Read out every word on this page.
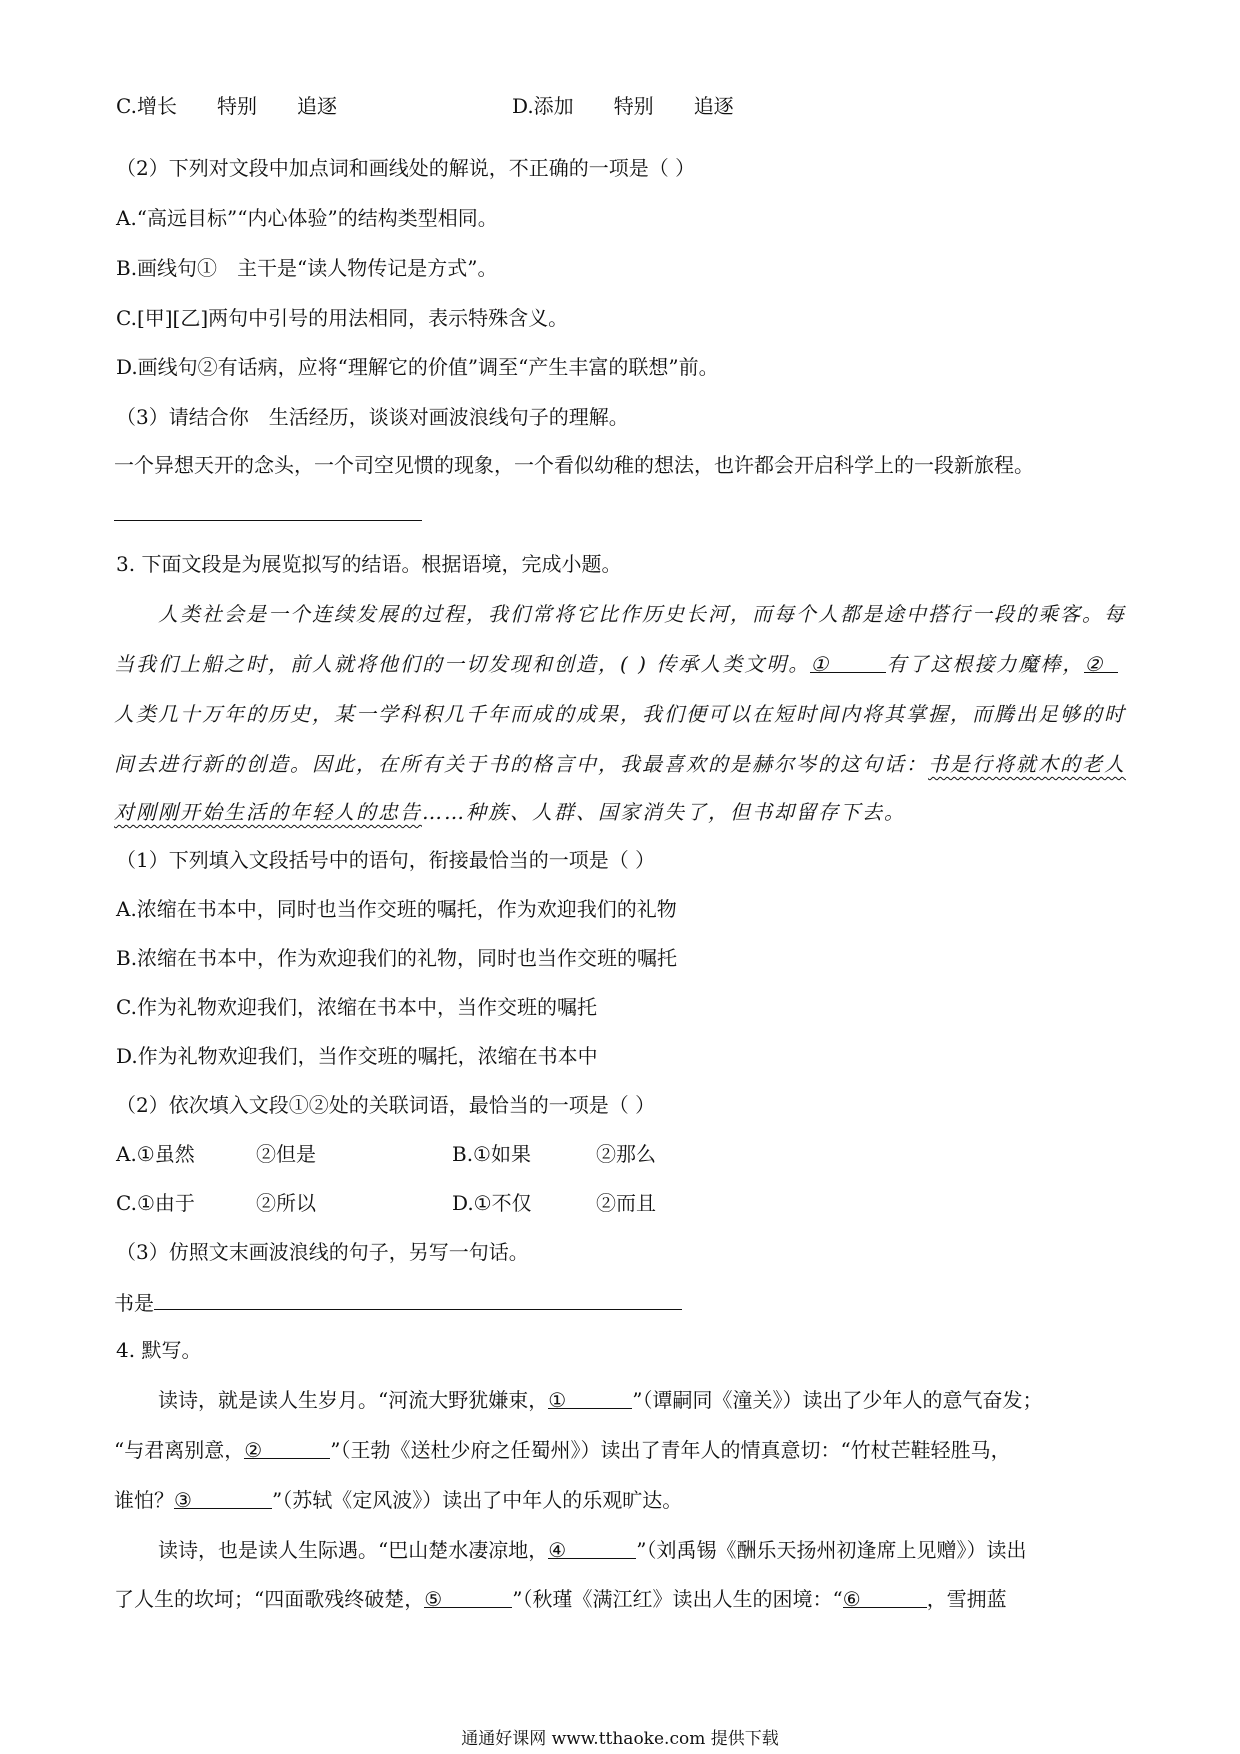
C.增长 特别 追逐	D.添加 特别 追逐
（2）下列对文段中加点词和画线处的解说，不正确的一项是（ ）
A.“高远目标”“内心体验”的结构类型相同。
B.画线句① 主干是“读人物传记是方式”。
C.[甲][乙]两句中引号的用法相同，表示特殊含义。
D.画线句②有话病，应将“理解它的价值”调至“产生丰富的联想”前。
（3）请结合你 生活经历，谈谈对画波浪线句子的理解。
一个异想天开的念头，一个司空见惯的现象，一个看似幼稚的想法，也许都会开启科学上的一段新旅程。
3. 下面文段是为展览拟写的结语。根据语境，完成小题。
人类社会是一个连续发展的过程，我们常将它比作历史长河，而每个人都是途中搭行一段的乘客。每
当我们上船之时，前人就将他们的一切发现和创造，( ) 传承人类文明。①	有了这根接力魔棒，②
人类几十万年的历史，某一学科积几千年而成的成果，我们便可以在短时间内将其掌握，而腾出足够的时
间去进行新的创造。因此，在所有关于书的格言中，我最喜欢的是赫尔岑的这句话：书是行将就木的老人
对刚刚开始生活的年轻人的忠告……种族、人群、国家消失了，但书却留存下去。
（1）下列填入文段括号中的语句，衔接最恰当的一项是（ ）
A.浓缩在书本中，同时也当作交班的嘱托，作为欢迎我们的礼物
B.浓缩在书本中，作为欢迎我们的礼物，同时也当作交班的嘱托
C.作为礼物欢迎我们，浓缩在书本中，当作交班的嘱托
D.作为礼物欢迎我们，当作交班的嘱托，浓缩在书本中
（2）依次填入文段①②处的关联词语，最恰当的一项是（ ）
A.①虽然	②但是	B.①如果	②那么
C.①由于	②所以	D.①不仅	②而且
（3）仿照文末画波浪线的句子，另写一句话。
书是
4. 默写。
读诗，就是读人生岁月。“河流大野犹嫌束，①	”（谭嗣同《潼关》）读出了少年人的意气奋发；
“与君离别意，②	”（王勃《送杜少府之任蜀州》）读出了青年人的情真意切：“竹杖芒鞋轻胜马，
谁怕？③	”（苏轼《定风波》）读出了中年人的乐观旷达。
读诗，也是读人生际遇。“巴山楚水凄凉地，④	”（刘禹锡《酬乐天扬州初逢席上见赠》）读出
了人生的坎坷；“四面歌残终破楚，⑤	”（秋瑾《满江红》读出人生的困境：“⑥	，雪拥蓝
通通好课网 www.tthaoke.com 提供下载
